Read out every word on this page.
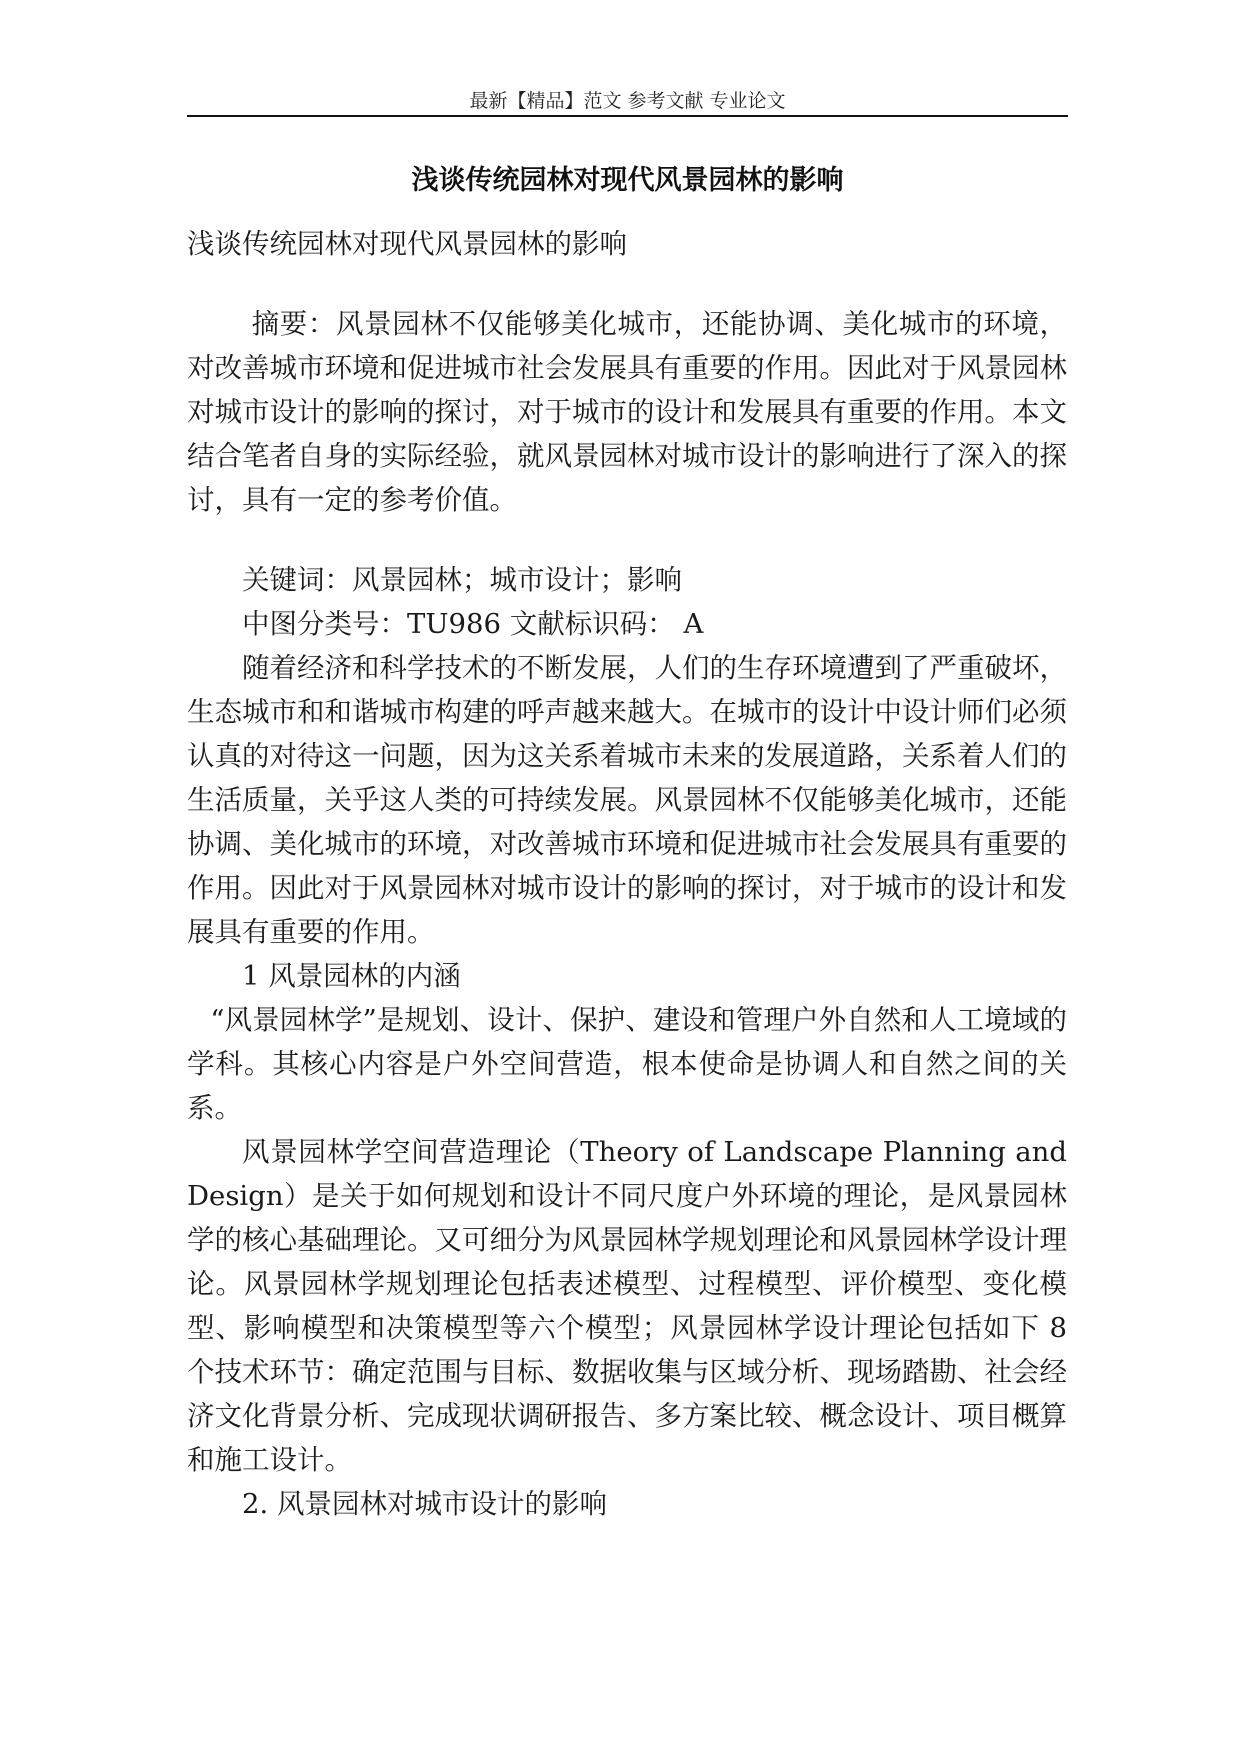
最新【精品】范文 参考文献 专业论文
浅谈传统园林对现代风景园林的影响

浅谈传统园林对现代风景园林的影响

摘要：风景园林不仅能够美化城市，还能协调、美化城市的环境，对改善城市环境和促进城市社会发展具有重要的作用。因此对于风景园林对城市设计的影响的探讨，对于城市的设计和发展具有重要的作用。本文结合笔者自身的实际经验，就风景园林对城市设计的影响进行了深入的探讨，具有一定的参考价值。

关键词：风景园林；城市设计；影响

中图分类号：TU986 文献标识码： A

随着经济和科学技术的不断发展，人们的生存环境遭到了严重破坏，生态城市和和谐城市构建的呼声越来越大。在城市的设计中设计师们必须认真的对待这一问题，因为这关系着城市未来的发展道路，关系着人们的生活质量，关乎这人类的可持续发展。风景园林不仅能够美化城市，还能协调、美化城市的环境，对改善城市环境和促进城市社会发展具有重要的作用。因此对于风景园林对城市设计的影响的探讨，对于城市的设计和发展具有重要的作用。

1 风景园林的内涵

“风景园林学”是规划、设计、保护、建设和管理户外自然和人工境域的学科。其核心内容是户外空间营造，根本使命是协调人和自然之间的关系。

风景园林学空间营造理论（Theory of Landscape Planning and Design）是关于如何规划和设计不同尺度户外环境的理论，是风景园林学的核心基础理论。又可细分为风景园林学规划理论和风景园林学设计理论。风景园林学规划理论包括表述模型、过程模型、评价模型、变化模型、影响模型和决策模型等六个模型；风景园林学设计理论包括如下 8 个技术环节：确定范围与目标、数据收集与区域分析、现场踏勘、社会经济文化背景分析、完成现状调研报告、多方案比较、概念设计、项目概算和施工设计。

2. 风景园林对城市设计的影响
